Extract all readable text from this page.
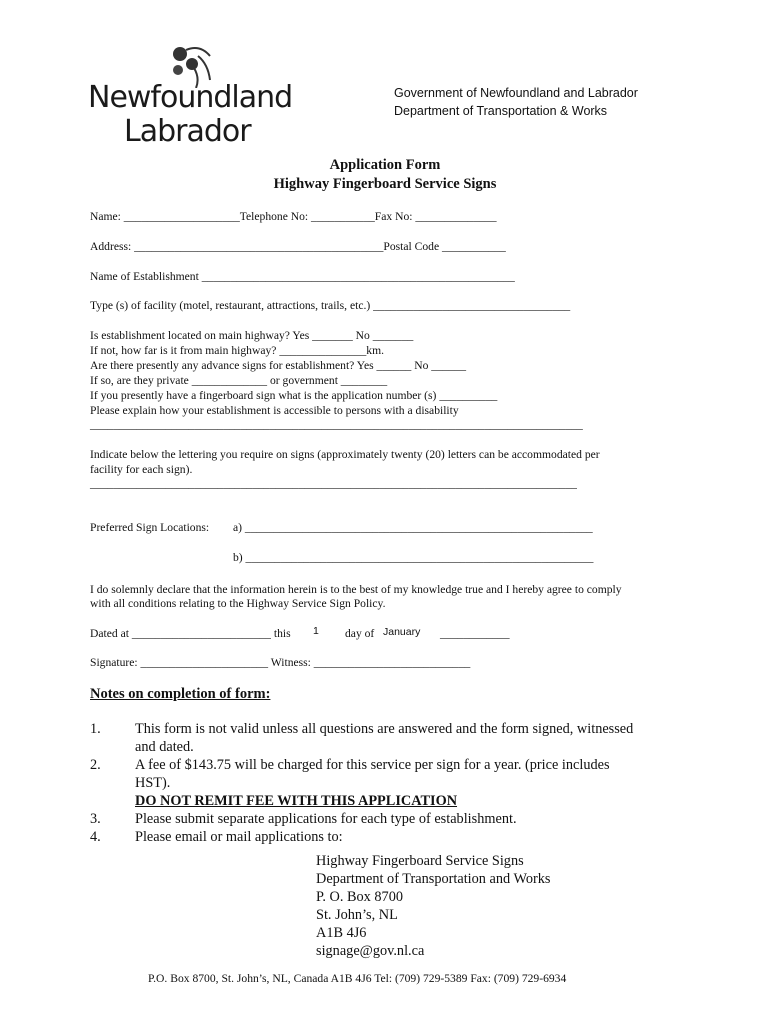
Newfoundland
Labrador
Government of Newfoundland and Labrador
Department of Transportation & Works
Application Form
Highway Fingerboard Service Signs
Name: ____________________Telephone No: ___________Fax No: ______________
Address: ___________________________________________Postal Code ___________
Name of Establishment ______________________________________________________
Type (s) of facility (motel, restaurant, attractions, trails, etc.) __________________________________
Is establishment located on main highway? Yes _______ No _______
If not, how far is it from main highway? _______________km.
Are there presently any advance signs for establishment? Yes ______ No ______
If so, are they private _____________ or government ________
If you presently have a fingerboard sign what is the application number (s) __________
Please explain how your establishment is accessible to persons with a disability
_____________________________________________________________________________________
Indicate below the lettering you require on signs (approximately twenty (20) letters can be accommodated per
facility for each sign).
____________________________________________________________________________________
Preferred Sign Locations: a) ____________________________________________________________
b) ____________________________________________________________
I do solemnly declare that the information herein is to the best of my knowledge true and I hereby agree to comply
with all conditions relating to the Highway Service Sign Policy.
Dated at ________________________ this 1 day of January ____________
Signature: ______________________ Witness: ___________________________
Notes on completion of form:
1. This form is not valid unless all questions are answered and the form signed, witnessed
and dated.
2. A fee of $143.75 will be charged for this service per sign for a year. (price includes
HST).
DO NOT REMIT FEE WITH THIS APPLICATION
3. Please submit separate applications for each type of establishment.
4. Please email or mail applications to:
Highway Fingerboard Service Signs
Department of Transportation and Works
P. O. Box 8700
St. John’s, NL
A1B 4J6
signage@gov.nl.ca
P.O. Box 8700, St. John’s, NL, Canada A1B 4J6 Tel: (709) 729-5389 Fax: (709) 729-6934
